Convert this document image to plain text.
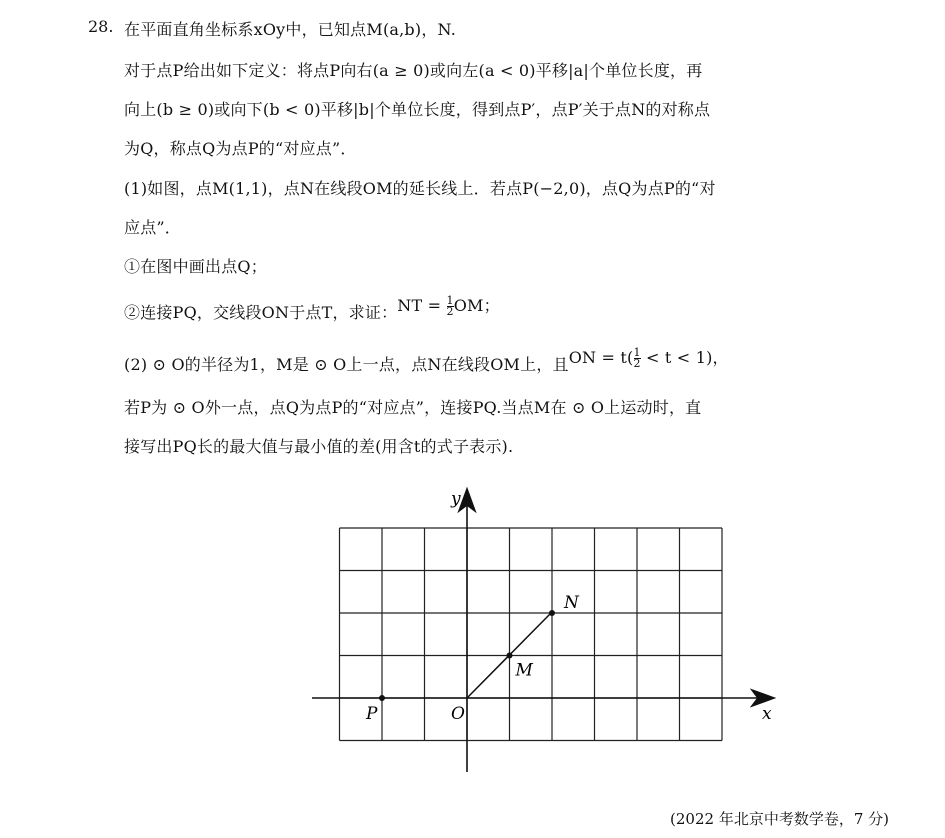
28. 在平面直角坐标系xOy中，已知点M(a,b)，N.
对于点P给出如下定义：将点P向右(a ≥ 0)或向左(a < 0)平移|a|个单位长度，再
向上(b ≥ 0)或向下(b < 0)平移|b|个单位长度，得到点P′，点P′关于点N的对称点
为Q，称点Q为点P的“对应点”．
(1)如图，点M(1,1)，点N在线段OM的延长线上．若点P(−2,0)，点Q为点P的“对
应点”．
①在图中画出点Q；
②连接PQ，交线段ON于点T，求证：NT = $\frac{1}{2}$ OM；
(2) ⊙ O的半径为1，M是 ⊙ O上一点，点N在线段OM上，且ON = $t( \frac{1}{2} < t < 1)$，
若P为 ⊙ O外一点，点Q为点P的“对应点”，连接PQ.当点M在 ⊙ O上运动时，直
接写出PQ长的最大值与最小值的差(用含t的式子表示).
P
M
N
x
y
O
(2022 年北京中考数学卷，7 分)
